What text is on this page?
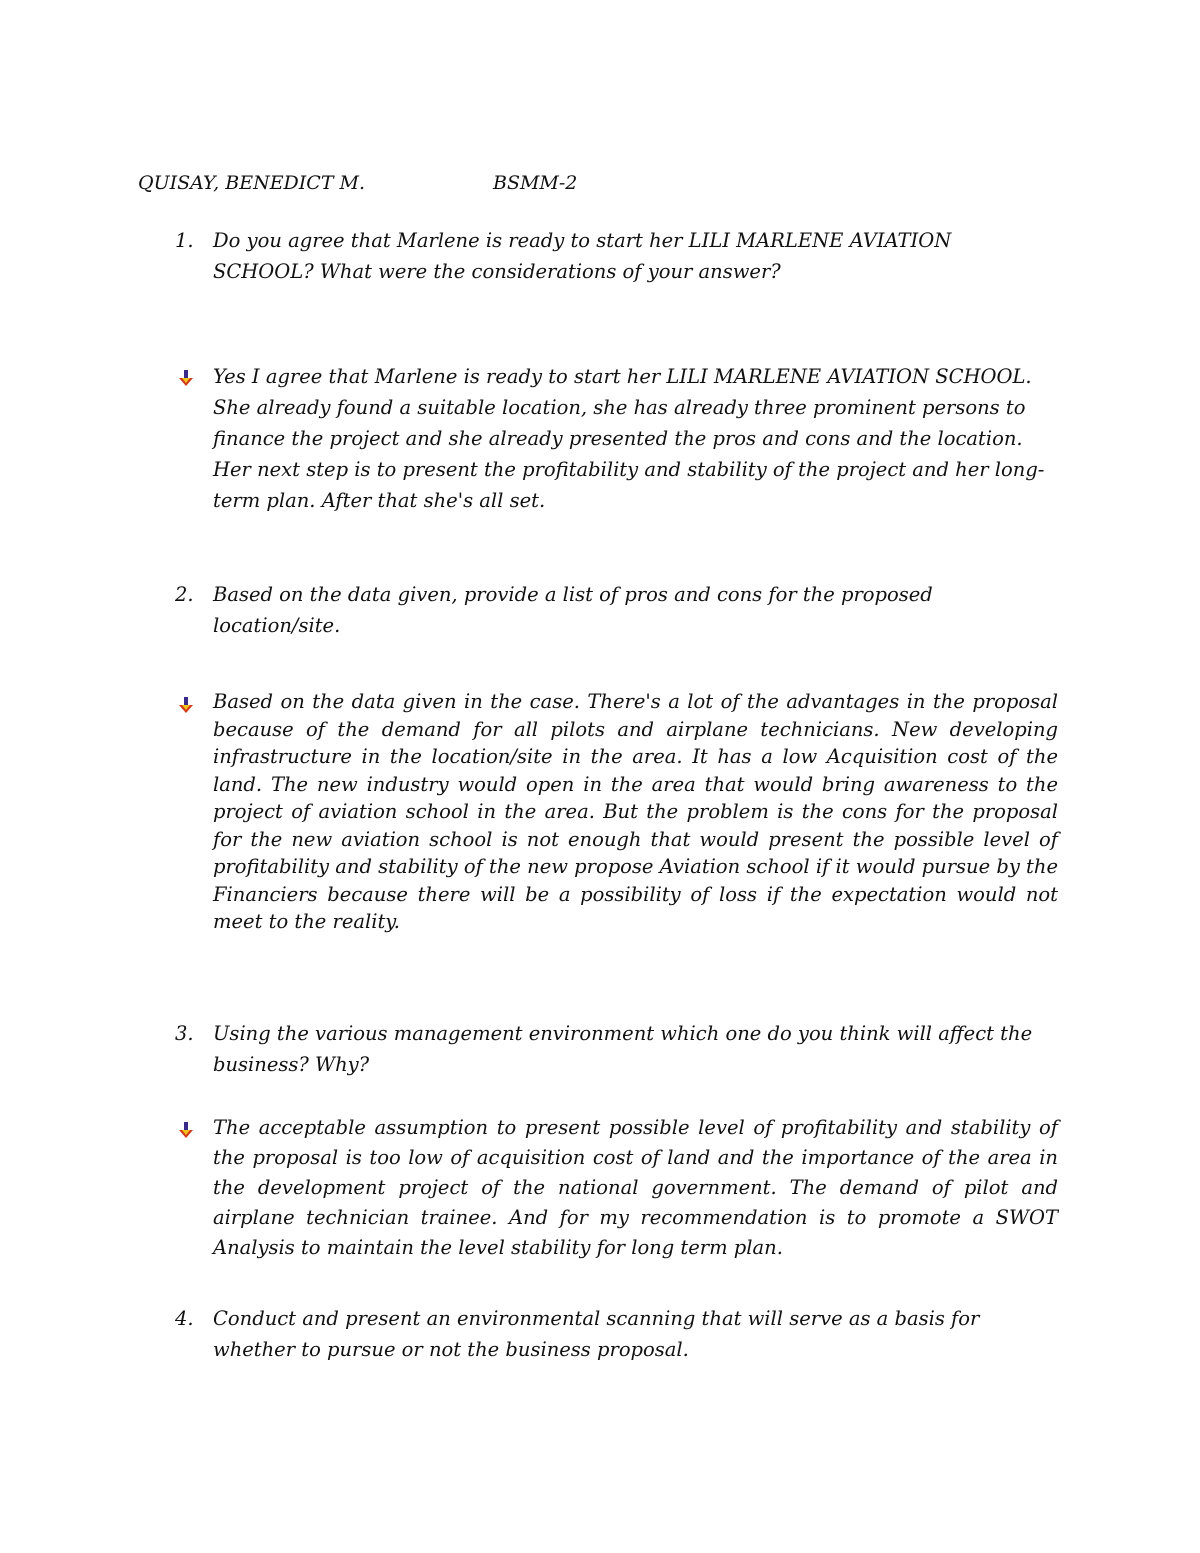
QUISAY, BENEDICT M.	BSMM-2
1. Do you agree that Marlene is ready to start her LILI MARLENE AVIATION SCHOOL? What were the considerations of your answer?
Yes I agree that Marlene is ready to start her LILI MARLENE AVIATION SCHOOL. She already found a suitable location, she has already three prominent persons to finance the project and she already presented the pros and cons and the location. Her next step is to present the profitability and stability of the project and her long-term plan. After that she's all set.
2. Based on the data given, provide a list of pros and cons for the proposed location/site.
Based on the data given in the case. There's a lot of the advantages in the proposal because of the demand for all pilots and airplane technicians. New developing infrastructure in the location/site in the area. It has a low Acquisition cost of the land. The new industry would open in the area that would bring awareness to the project of aviation school in the area. But the problem is the cons for the proposal for the new aviation school is not enough that would present the possible level of profitability and stability of the new propose Aviation school if it would pursue by the Financiers because there will be a possibility of loss if the expectation would not meet to the reality.
3. Using the various management environment which one do you think will affect the business? Why?
The acceptable assumption to present possible level of profitability and stability of the proposal is too low of acquisition cost of land and the importance of the area in the development project of the national government. The demand of pilot and airplane technician trainee. And for my recommendation is to promote a SWOT Analysis to maintain the level stability for long term plan.
4. Conduct and present an environmental scanning that will serve as a basis for whether to pursue or not the business proposal.
